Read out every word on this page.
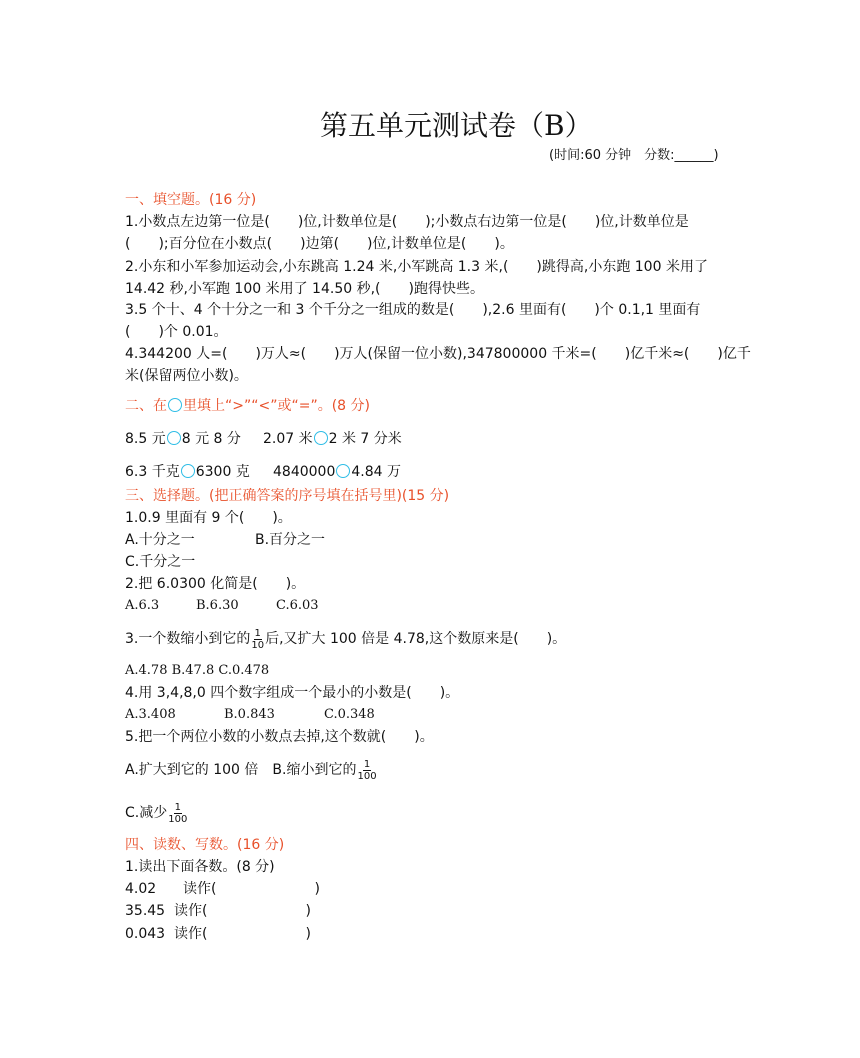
第五单元测试卷（B）
(时间:60 分钟　分数:______)
一、填空题。(16 分)
1.小数点左边第一位是(　　)位,计数单位是(　　);小数点右边第一位是(　　)位,计数单位是
(　　);百分位在小数点(　　)边第(　　)位,计数单位是(　　)。
2.小东和小军参加运动会,小东跳高 1.24 米,小军跳高 1.3 米,(　　)跳得高,小东跑 100 米用了
14.42 秒,小军跑 100 米用了 14.50 秒,(　　)跑得快些。
3.5 个十、4 个十分之一和 3 个千分之一组成的数是(　　),2.6 里面有(　　)个 0.1,1 里面有
(　　)个 0.01。
4.344200 人=(　　)万人≈(　　)万人(保留一位小数),347800000 千米=(　　)亿千米≈(　　)亿千
米(保留两位小数)。
二、在 里填上“>”“<”或“=”。(8 分)
8.5 元 8 元 8 分 2.07 米 2 米 7 分米
6.3 千克 6300 克 4840000 4.84 万
三、选择题。(把正确答案的序号填在括号里)(15 分)
1.0.9 里面有 9 个(　　)。
A.十分之一	B.百分之一
C.千分之一
2.把 6.0300 化简是(　　)。
A.6.3	B.6.30	C.6.03
3.一个数缩小到它的 $\frac{1}{10}$ 后,又扩大 100 倍是 4.78,这个数原来是(　　)。
A.4.78 B.47.8 C.0.478
4.用 3,4,8,0 四个数字组成一个最小的小数是(　　)。
A.3.408	B.0.843	C.0.348
5.把一个两位小数的小数点去掉,这个数就(　　)。
A.扩大到它的 100 倍 B.缩小到它的 $\frac{1}{100}$
C.减少 $\frac{1}{100}$
四、读数、写数。(16 分)
1.读出下面各数。(8 分)
4.02 读作(　　　　　　　)
35.45 读作(　　　　　　　)
0.043 读作(　　　　　　　)
